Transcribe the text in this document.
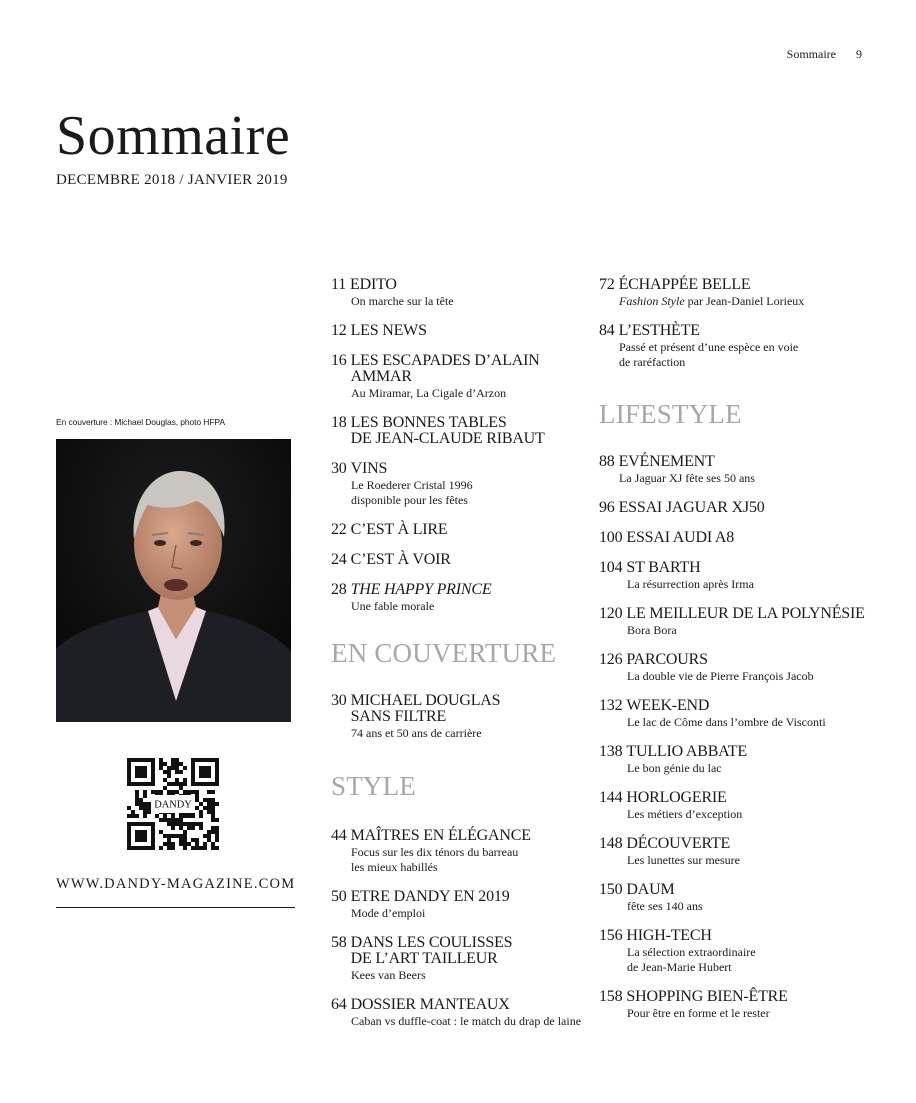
Sommaire 9
Sommaire
DECEMBRE 2018 / JANVIER 2019
En couverture : Michael Douglas, photo HFPA
DANDY
WWW.DANDY-MAGAZINE.COM
11 EDITO
On marche sur la tête
12 LES NEWS
16 LES ESCAPADES D’ALAIN AMMAR
Au Miramar, La Cigale d’Arzon
18 LES BONNES TABLES
DE JEAN-CLAUDE RIBAUT
30 VINS
Le Roederer Cristal 1996
disponible pour les fêtes
22 C’EST À LIRE
24 C’EST À VOIR
28 THE HAPPY PRINCE
Une fable morale
EN COUVERTURE
30 MICHAEL DOUGLAS
SANS FILTRE
74 ans et 50 ans de carrière
STYLE
44 MAÎTRES EN ÉLÉGANCE
Focus sur les dix ténors du barreau
les mieux habillés
50 ETRE DANDY EN 2019
Mode d’emploi
58 DANS LES COULISSES
DE L’ART TAILLEUR
Kees van Beers
64 DOSSIER MANTEAUX
Caban vs duffle-coat : le match du drap de laine
72 ÉCHAPPÉE BELLE
Fashion Style par Jean-Daniel Lorieux
84 L’ESTHÈTE
Passé et présent d’une espèce en voie
de raréfaction
LIFESTYLE
88 EVÉNEMENT
La Jaguar XJ fête ses 50 ans
96 ESSAI JAGUAR XJ50
100 ESSAI AUDI A8
104 ST BARTH
La résurrection après Irma
120 LE MEILLEUR DE LA POLYNÉSIE
Bora Bora
126 PARCOURS
La double vie de Pierre François Jacob
132 WEEK-END
Le lac de Côme dans l’ombre de Visconti
138 TULLIO ABBATE
Le bon génie du lac
144 HORLOGERIE
Les métiers d’exception
148 DÉCOUVERTE
Les lunettes sur mesure
150 DAUM
fête ses 140 ans
156 HIGH-TECH
La sélection extraordinaire
de Jean-Marie Hubert
158 SHOPPING BIEN-ÊTRE
Pour être en forme et le rester
